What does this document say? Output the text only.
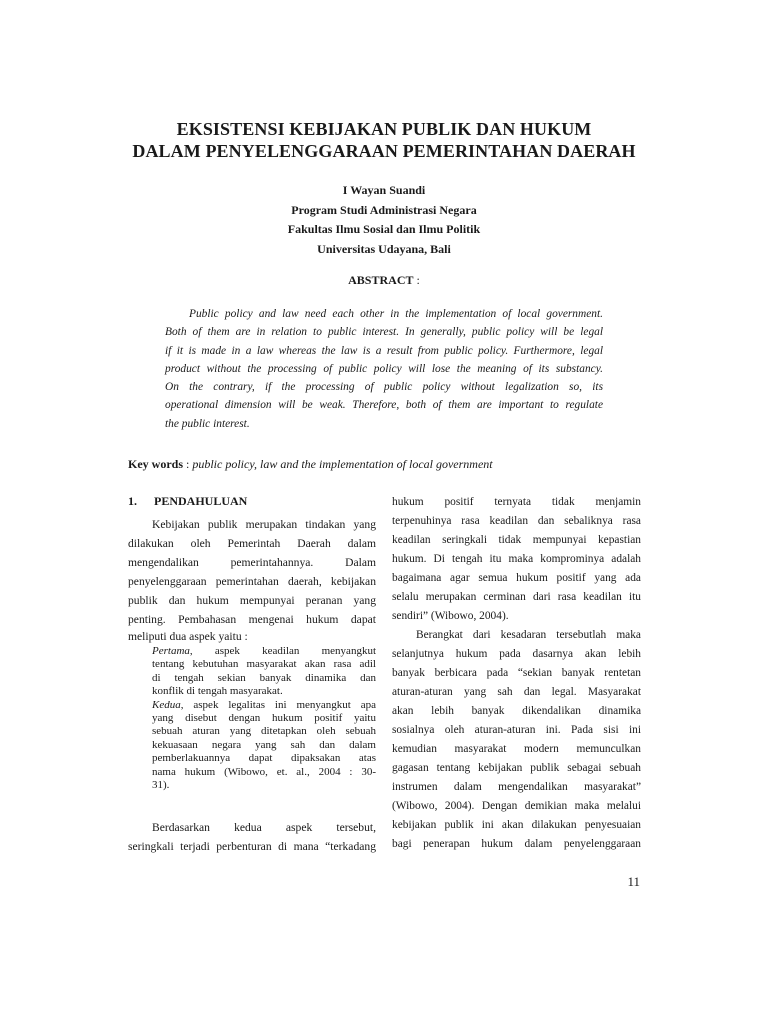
EKSISTENSI KEBIJAKAN PUBLIK DAN HUKUM
DALAM PENYELENGGARAAN PEMERINTAHAN DAERAH
I Wayan Suandi
Program Studi Administrasi Negara
Fakultas Ilmu Sosial dan Ilmu Politik
Universitas Udayana, Bali
ABSTRACT :
Public policy and law need each other in the implementation of local government.
Both of them are in relation to public interest. In generally, public policy will be legal
if it is made in a law whereas the law is a result from public policy. Furthermore, legal
product without the processing of public policy will lose the meaning of its substancy.
On the contrary, if the processing of public policy without legalization so, its
operational dimension will be weak. Therefore, both of them are important to regulate
the public interest.
Key words : public policy, law and the implementation of local government
1.	PENDAHULUAN
Kebijakan publik merupakan tindakan yang
dilakukan oleh Pemerintah Daerah dalam
mengendalikan pemerintahannya. Dalam
penyelenggaraan pemerintahan daerah, kebijakan
publik dan hukum mempunyai peranan yang
penting. Pembahasan mengenai hukum dapat
meliputi dua aspek yaitu :
Pertama, aspek keadilan menyangkut
tentang kebutuhan masyarakat akan rasa adil
di tengah sekian banyak dinamika dan
konflik di tengah masyarakat.
Kedua, aspek legalitas ini menyangkut apa
yang disebut dengan hukum positif yaitu
sebuah aturan yang ditetapkan oleh sebuah
kekuasaan negara yang sah dan dalam
pemberlakuannya dapat dipaksakan atas
nama hukum (Wibowo, et. al., 2004 : 30-
31).
Berdasarkan kedua aspek tersebut,
seringkali terjadi perbenturan di mana “terkadang
hukum positif ternyata tidak menjamin
terpenuhinya rasa keadilan dan sebaliknya rasa
keadilan seringkali tidak mempunyai kepastian
hukum. Di tengah itu maka komprominya adalah
bagaimana agar semua hukum positif yang ada
selalu merupakan cerminan dari rasa keadilan itu
sendiri” (Wibowo, 2004).
Berangkat dari kesadaran tersebutlah maka
selanjutnya hukum pada dasarnya akan lebih
banyak berbicara pada “sekian banyak rentetan
aturan-aturan yang sah dan legal. Masyarakat
akan lebih banyak dikendalikan dinamika
sosialnya oleh aturan-aturan ini. Pada sisi ini
kemudian masyarakat modern memunculkan
gagasan tentang kebijakan publik sebagai sebuah
instrumen dalam mengendalikan masyarakat”
(Wibowo, 2004). Dengan demikian maka melalui
kebijakan publik ini akan dilakukan penyesuaian
bagi penerapan hukum dalam penyelenggaraan
11
